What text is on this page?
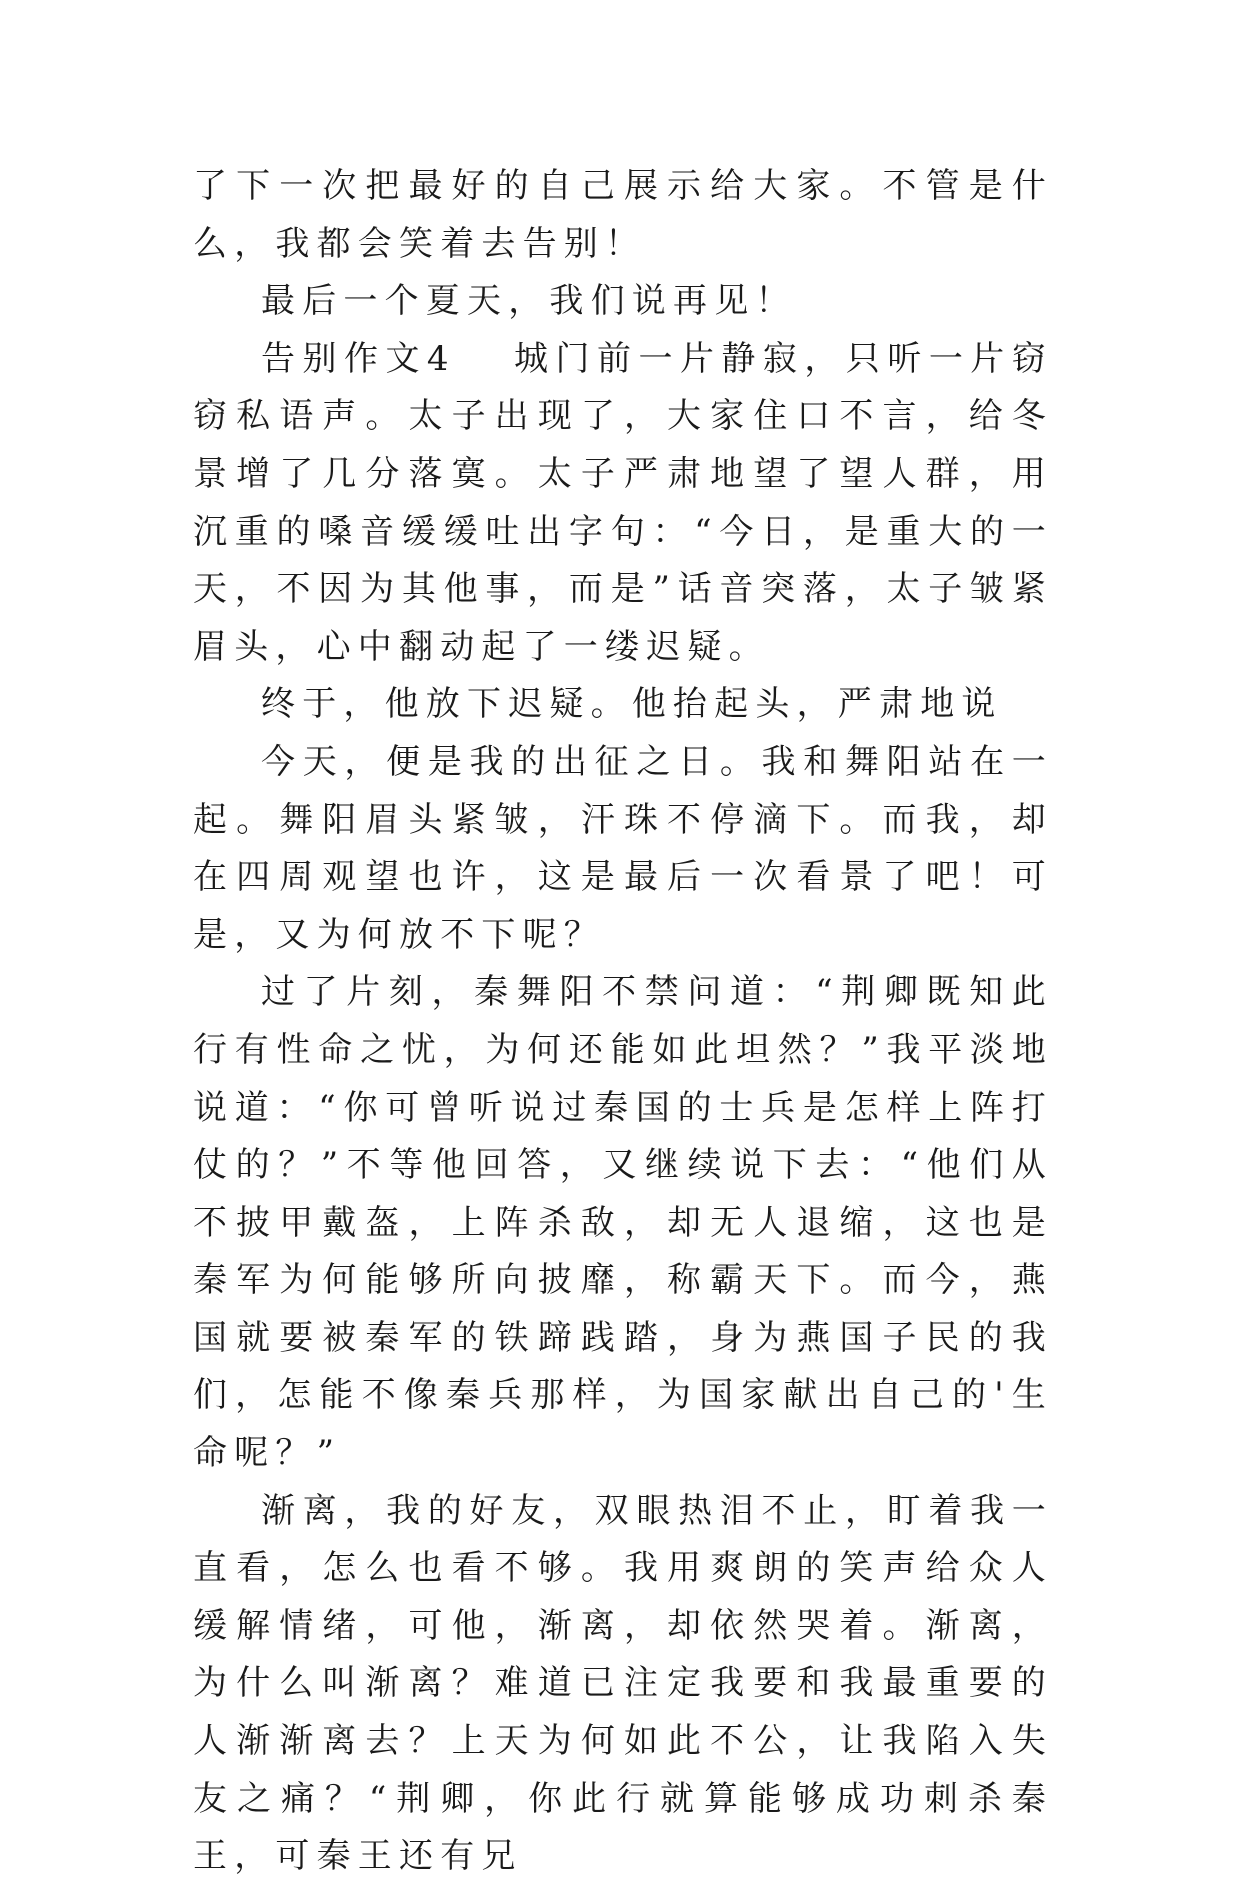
了下一次把最好的自己展示给大家。不管是什么，我都会笑着去告别！

最后一个夏天，我们说再见！

告别作文4 城门前一片静寂，只听一片窃窃私语声。太子出现了，大家住口不言，给冬景增了几分落寞。太子严肃地望了望人群，用沉重的嗓音缓缓吐出字句：“今日，是重大的一天，不因为其他事，而是”话音突落，太子皱紧眉头，心中翻动起了一缕迟疑。

终于，他放下迟疑。他抬起头，严肃地说

今天，便是我的出征之日。我和舞阳站在一起。舞阳眉头紧皱，汗珠不停滴下。而我，却在四周观望也许，这是最后一次看景了吧！可是，又为何放不下呢？

过了片刻，秦舞阳不禁问道：“荆卿既知此行有性命之忧，为何还能如此坦然？”我平淡地说道：“你可曾听说过秦国的士兵是怎样上阵打仗的？”不等他回答，又继续说下去：“他们从不披甲戴盔，上阵杀敌，却无人退缩，这也是秦军为何能够所向披靡，称霸天下。而今，燕国就要被秦军的铁蹄践踏，身为燕国子民的我们，怎能不像秦兵那样，为国家献出自己的'生命呢？”

渐离，我的好友，双眼热泪不止，盯着我一直看，怎么也看不够。我用爽朗的笑声给众人缓解情绪，可他，渐离，却依然哭着。渐离，为什么叫渐离？难道已注定我要和我最重要的人渐渐离去？上天为何如此不公，让我陷入失友之痛？“荆卿，你此行就算能够成功刺杀秦王，可秦王还有兄
